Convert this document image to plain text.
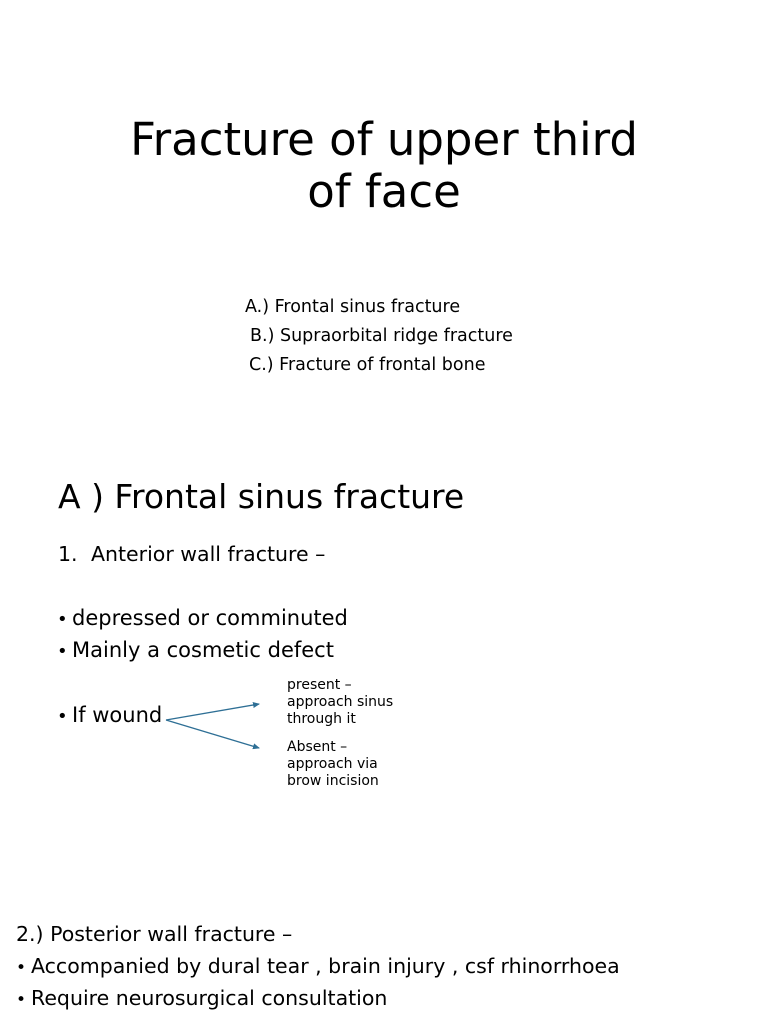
Fracture of upper third
of face
A.) Frontal sinus fracture
B.) Supraorbital ridge fracture
C.) Fracture of frontal bone
A ) Frontal sinus fracture
1. Anterior wall fracture –
• depressed or comminuted
• Mainly a cosmetic defect
• If wound
present – approach sinus through it
Absent – approach via brow incision
2.) Posterior wall fracture –
• Accompanied by dural tear , brain injury , csf rhinorrhoea
• Require neurosurgical consultation
